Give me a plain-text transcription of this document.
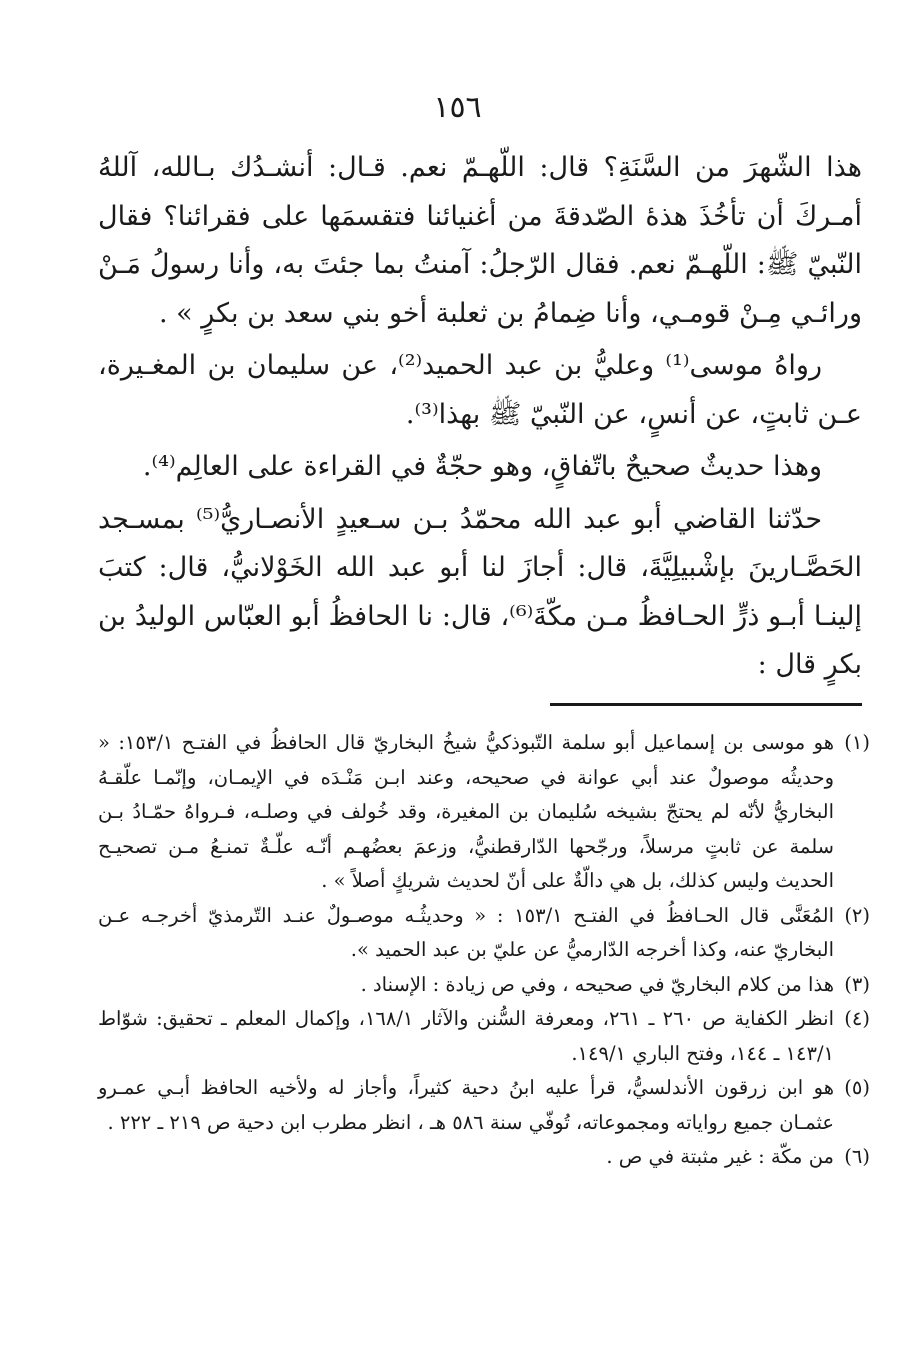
١٥٦

هذا الشّهرَ من السَّنَةِ؟ قال: اللّهـمّ نعم. قـال: أنشـدُك بـالله، آللهُ أمـركَ أن تأخُذَ هذهٔ الصّدقةَ من أغنيائنا فتقسمَها على فقرائنا؟ فقال النّبيّ ﷺ: اللّهـمّ نعم. فقال الرّجلُ: آمنتُ بما جئتَ به، وأنا رسولُ مَـنْ ورائـي مِـنْ قومـي، وأنا ضِمامُ بن ثعلبة أخو بني سعد بن بكرٍ » .

رواهُ موسى⁽¹⁾ وعليُّ بن عبد الحميد⁽²⁾، عن سليمان بن المغـيرة، عـن ثابتٍ، عن أنسٍ، عن النّبيّ ﷺ بهذا⁽³⁾.

وهذا حديثٌ صحيحٌ باتّفاقٍ، وهو حجّةٌ في القراءة على العالِم⁽⁴⁾.

حدّثنا القاضي أبو عبد الله محمّدُ بـن سـعيدٍ الأنصـاريُّ⁽⁵⁾ بمسـجد الحَصَّـارينَ بإشْبيلِيَّةَ، قال: أجازَ لنا أبو عبد الله الخَوْلانيُّ، قال: كتبَ إلينـا أبـو ذرٍّ الحـافظُ مـن مكّةَ⁽⁶⁾، قال: نا الحافظُ أبو العبّاس الوليدُ بن بكرٍ قال :

(١)هو موسى بن إسماعيل أبو سلمة التّبوذكيُّ شيخُ البخاريّ قال الحافظُ في الفتـح ١٥٣/١: « وحديثُه موصولٌ عند أبي عوانة في صحيحه، وعند ابـن مَنْـدَه في الإيمـان، وإنّمـا علّقـهُ البخاريُّ لأنّه لم يحتجّ بشيخه سُليمان بن المغيرة، وقد خُولف في وصلـه، فـرواهُ حمّـادُ بـن سلمة عن ثابتٍ مرسلاً، ورجّحها الدّارقطنيُّ، وزعمَ بعضُهـم أنّـه علّـةٌ تمنـعُ مـن تصحيـح الحديث وليس كذلك، بل هي دالّةٌ على أنّ لحديث شريكٍ أصلاً » .

(٢)المُعَنَّى قال الحـافظُ في الفتـح ١٥٣/١ : « وحديثُـه موصـولٌ عنـد التّرمذيّ أخرجـه عـن البخاريّ عنه، وكذا أخرجه الدّارميُّ عن عليّ بن عبد الحميد ».

(٣)هذا من كلام البخاريّ في صحيحه ، وفي ص زيادة : الإسناد .

(٤)انظر الكفاية ص ٢٦٠ ـ ٢٦١، ومعرفة السُّنن والآثار ١٦٨/١، وإكمال المعلم ـ تحقيق: شوّاط ١٤٣/١ ـ ١٤٤، وفتح الباري ١٤٩/١.

(٥)هو ابن زرقون الأندلسيُّ، قرأ عليه ابنُ دحية كثيراً، وأجاز له ولأخيه الحافظ أبـي عمـرو عثمـان جميع رواياته ومجموعاته، تُوفّي سنة ٥٨٦ هـ ، انظر مطرب ابن دحية ص ٢١٩ ـ ٢٢٢ .

(٦)من مكّة : غير مثبتة في ص .
